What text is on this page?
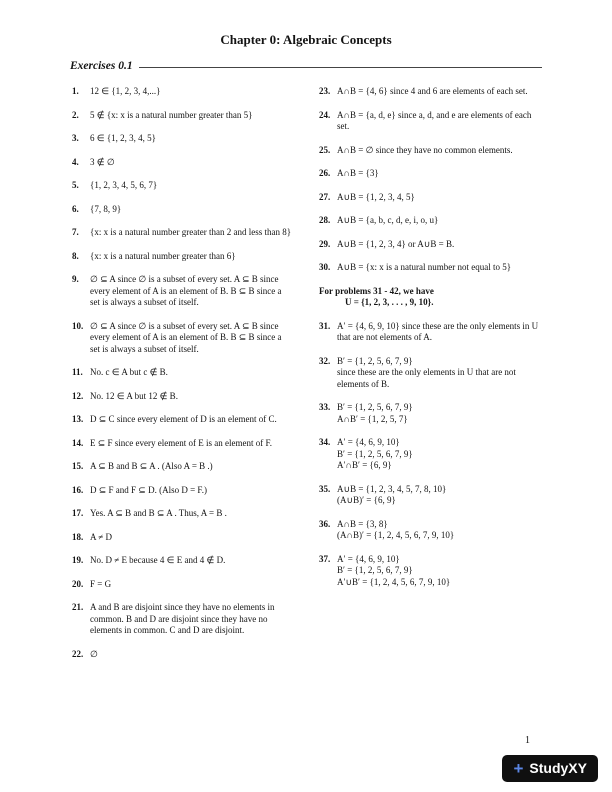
Chapter 0: Algebraic Concepts
Exercises 0.1
1.	12 ∈ {1, 2, 3, 4,...}
2.	5 ∉ {x: x is a natural number greater than 5}
3.	6 ∈ {1, 2, 3, 4, 5}
4.	3 ∉ ∅
5.	{1, 2, 3, 4, 5, 6, 7}
6.	{7, 8, 9}
7.	{x: x is a natural number greater than 2 and less than 8}
8.	{x: x is a natural number greater than 6}
9.	∅ ⊆ A since ∅ is a subset of every set. A ⊆ B since every element of A is an element of B. B ⊆ B since a set is always a subset of itself.
10. ∅ ⊆ A since ∅ is a subset of every set. A ⊆ B since every element of A is an element of B. B ⊆ B since a set is always a subset of itself.
11. No. c ∈ A but c ∉ B.
12. No. 12 ∈ A but 12 ∉ B.
13. D ⊆ C since every element of D is an element of C.
14. E ⊆ F since every element of E is an element of F.
15. A ⊆ B and B ⊆ A . (Also A = B .)
16. D ⊆ F and F ⊆ D. (Also D = F.)
17. Yes. A ⊆ B and B ⊆ A . Thus, A = B .
18. A ≠ D
19. No. D ≠ E because 4 ∈ E and 4 ∉ D.
20. F = G
21. A and B are disjoint since they have no elements in common. B and D are disjoint since they have no elements in common. C and D are disjoint.
22. ∅
23. A∩B = {4, 6} since 4 and 6 are elements of each set.
24. A∩B = {a, d, e} since a, d, and e are elements of each set.
25. A∩B = ∅ since they have no common elements.
26. A∩B = {3}
27. A∪B = {1, 2, 3, 4, 5}
28. A∪B = {a, b, c, d, e, i, o, u}
29. A∪B = {1, 2, 3, 4} or A∪B = B.
30. A∪B = {x: x is a natural number not equal to 5}
For problems 31 - 42, we have
U = {1, 2, 3, . . . , 9, 10}.
31. A′ = {4, 6, 9, 10} since these are the only elements in U that are not elements of A.
32. B′ = {1, 2, 5, 6, 7, 9}
since these are the only elements in U that are not elements of B.
33. B′ = {1, 2, 5, 6, 7, 9}
A∩B′ = {1, 2, 5, 7}
34. A′ = {4, 6, 9, 10}
B′ = {1, 2, 5, 6, 7, 9}
A′∩B′ = {6, 9}
35. A∪B = {1, 2, 3, 4, 5, 7, 8, 10}
(A∪B)′ = {6, 9}
36. A∩B = {3, 8}
(A∩B)′ = {1, 2, 4, 5, 6, 7, 9, 10}
37. A′ = {4, 6, 9, 10}
B′ = {1, 2, 5, 6, 7, 9}
A′∪B′ = {1, 2, 4, 5, 6, 7, 9, 10}
1
+ StudyXY
